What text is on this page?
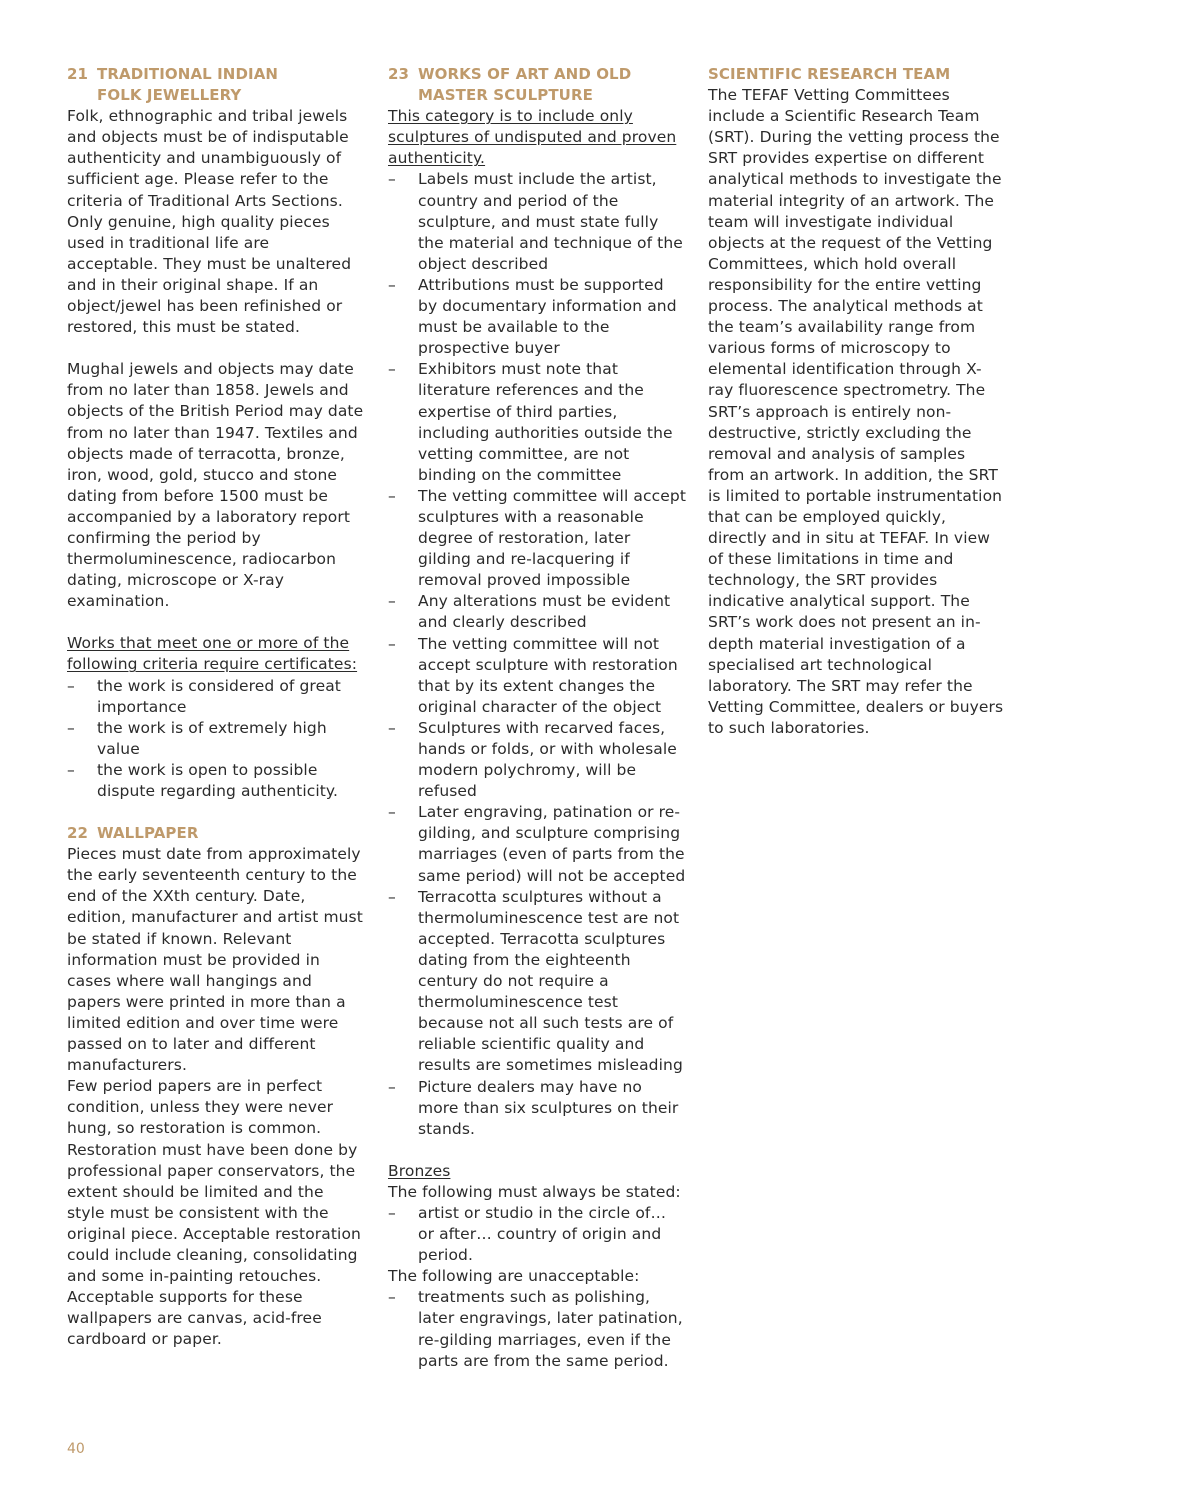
21 TRADITIONAL INDIAN
FOLK JEWELLERY

Folk, ethnographic and tribal jewels and objects must be of indisputable authenticity and unambiguously of sufficient age. Please refer to the criteria of Traditional Arts Sections. Only genuine, high quality pieces used in traditional life are acceptable. They must be unaltered and in their original shape. If an object/jewel has been refinished or restored, this must be stated.

Mughal jewels and objects may date from no later than 1858. Jewels and objects of the British Period may date from no later than 1947. Textiles and objects made of terracotta, bronze, iron, wood, gold, stucco and stone dating from before 1500 must be accompanied by a laboratory report confirming the period by thermoluminescence, radiocarbon dating, microscope or X-ray examination.

Works that meet one or more of the following criteria require certificates:

– the work is considered of great importance
– the work is of extremely high value
– the work is open to possible dispute regarding authenticity.
22 WALLPAPER

Pieces must date from approximately the early seventeenth century to the end of the XXth century. Date, edition, manufacturer and artist must be stated if known. Relevant information must be provided in cases where wall hangings and papers were printed in more than a limited edition and over time were passed on to later and different manufacturers.

Few period papers are in perfect condition, unless they were never hung, so restoration is common. Restoration must have been done by professional paper conservators, the extent should be limited and the style must be consistent with the original piece. Acceptable restoration could include cleaning, consolidating and some in-painting retouches. Acceptable supports for these wallpapers are canvas, acid-free cardboard or paper.

23 WORKS OF ART AND OLD
MASTER SCULPTURE

This category is to include only sculptures of undisputed and proven authenticity.

– Labels must include the artist, country and period of the sculpture, and must state fully the material and technique of the object described
– Attributions must be supported by documentary information and must be available to the prospective buyer
– Exhibitors must note that literature references and the expertise of third parties, including authorities outside the vetting committee, are not binding on the committee
– The vetting committee will accept sculptures with a reasonable degree of restoration, later gilding and re-lacquering if removal proved impossible
– Any alterations must be evident and clearly described
– The vetting committee will not accept sculpture with restoration that by its extent changes the original character of the object
– Sculptures with recarved faces, hands or folds, or with wholesale modern polychromy, will be refused
– Later engraving, patination or re-gilding, and sculpture comprising marriages (even of parts from the same period) will not be accepted
– Terracotta sculptures without a thermoluminescence test are not accepted. Terracotta sculptures dating from the eighteenth century do not require a thermoluminescence test because not all such tests are of reliable scientific quality and results are sometimes misleading
– Picture dealers may have no more than six sculptures on their stands.

Bronzes

The following must always be stated:

– artist or studio in the circle of… or after… country of origin and period.

The following are unacceptable:

– treatments such as polishing, later engravings, later patination, re-gilding marriages, even if the parts are from the same period.
SCIENTIFIC RESEARCH TEAM

The TEFAF Vetting Committees include a Scientific Research Team (SRT). During the vetting process the SRT provides expertise on different analytical methods to investigate the material integrity of an artwork. The team will investigate individual objects at the request of the Vetting Committees, which hold overall responsibility for the entire vetting process. The analytical methods at the team’s availability range from various forms of microscopy to elemental identification through X-ray fluorescence spectrometry. The SRT’s approach is entirely non-destructive, strictly excluding the removal and analysis of samples from an artwork. In addition, the SRT is limited to portable instrumentation that can be employed quickly, directly and in situ at TEFAF. In view of these limitations in time and technology, the SRT provides indicative analytical support. The SRT’s work does not present an in-depth material investigation of a specialised art technological laboratory. The SRT may refer the Vetting Committee, dealers or buyers to such laboratories.

40
